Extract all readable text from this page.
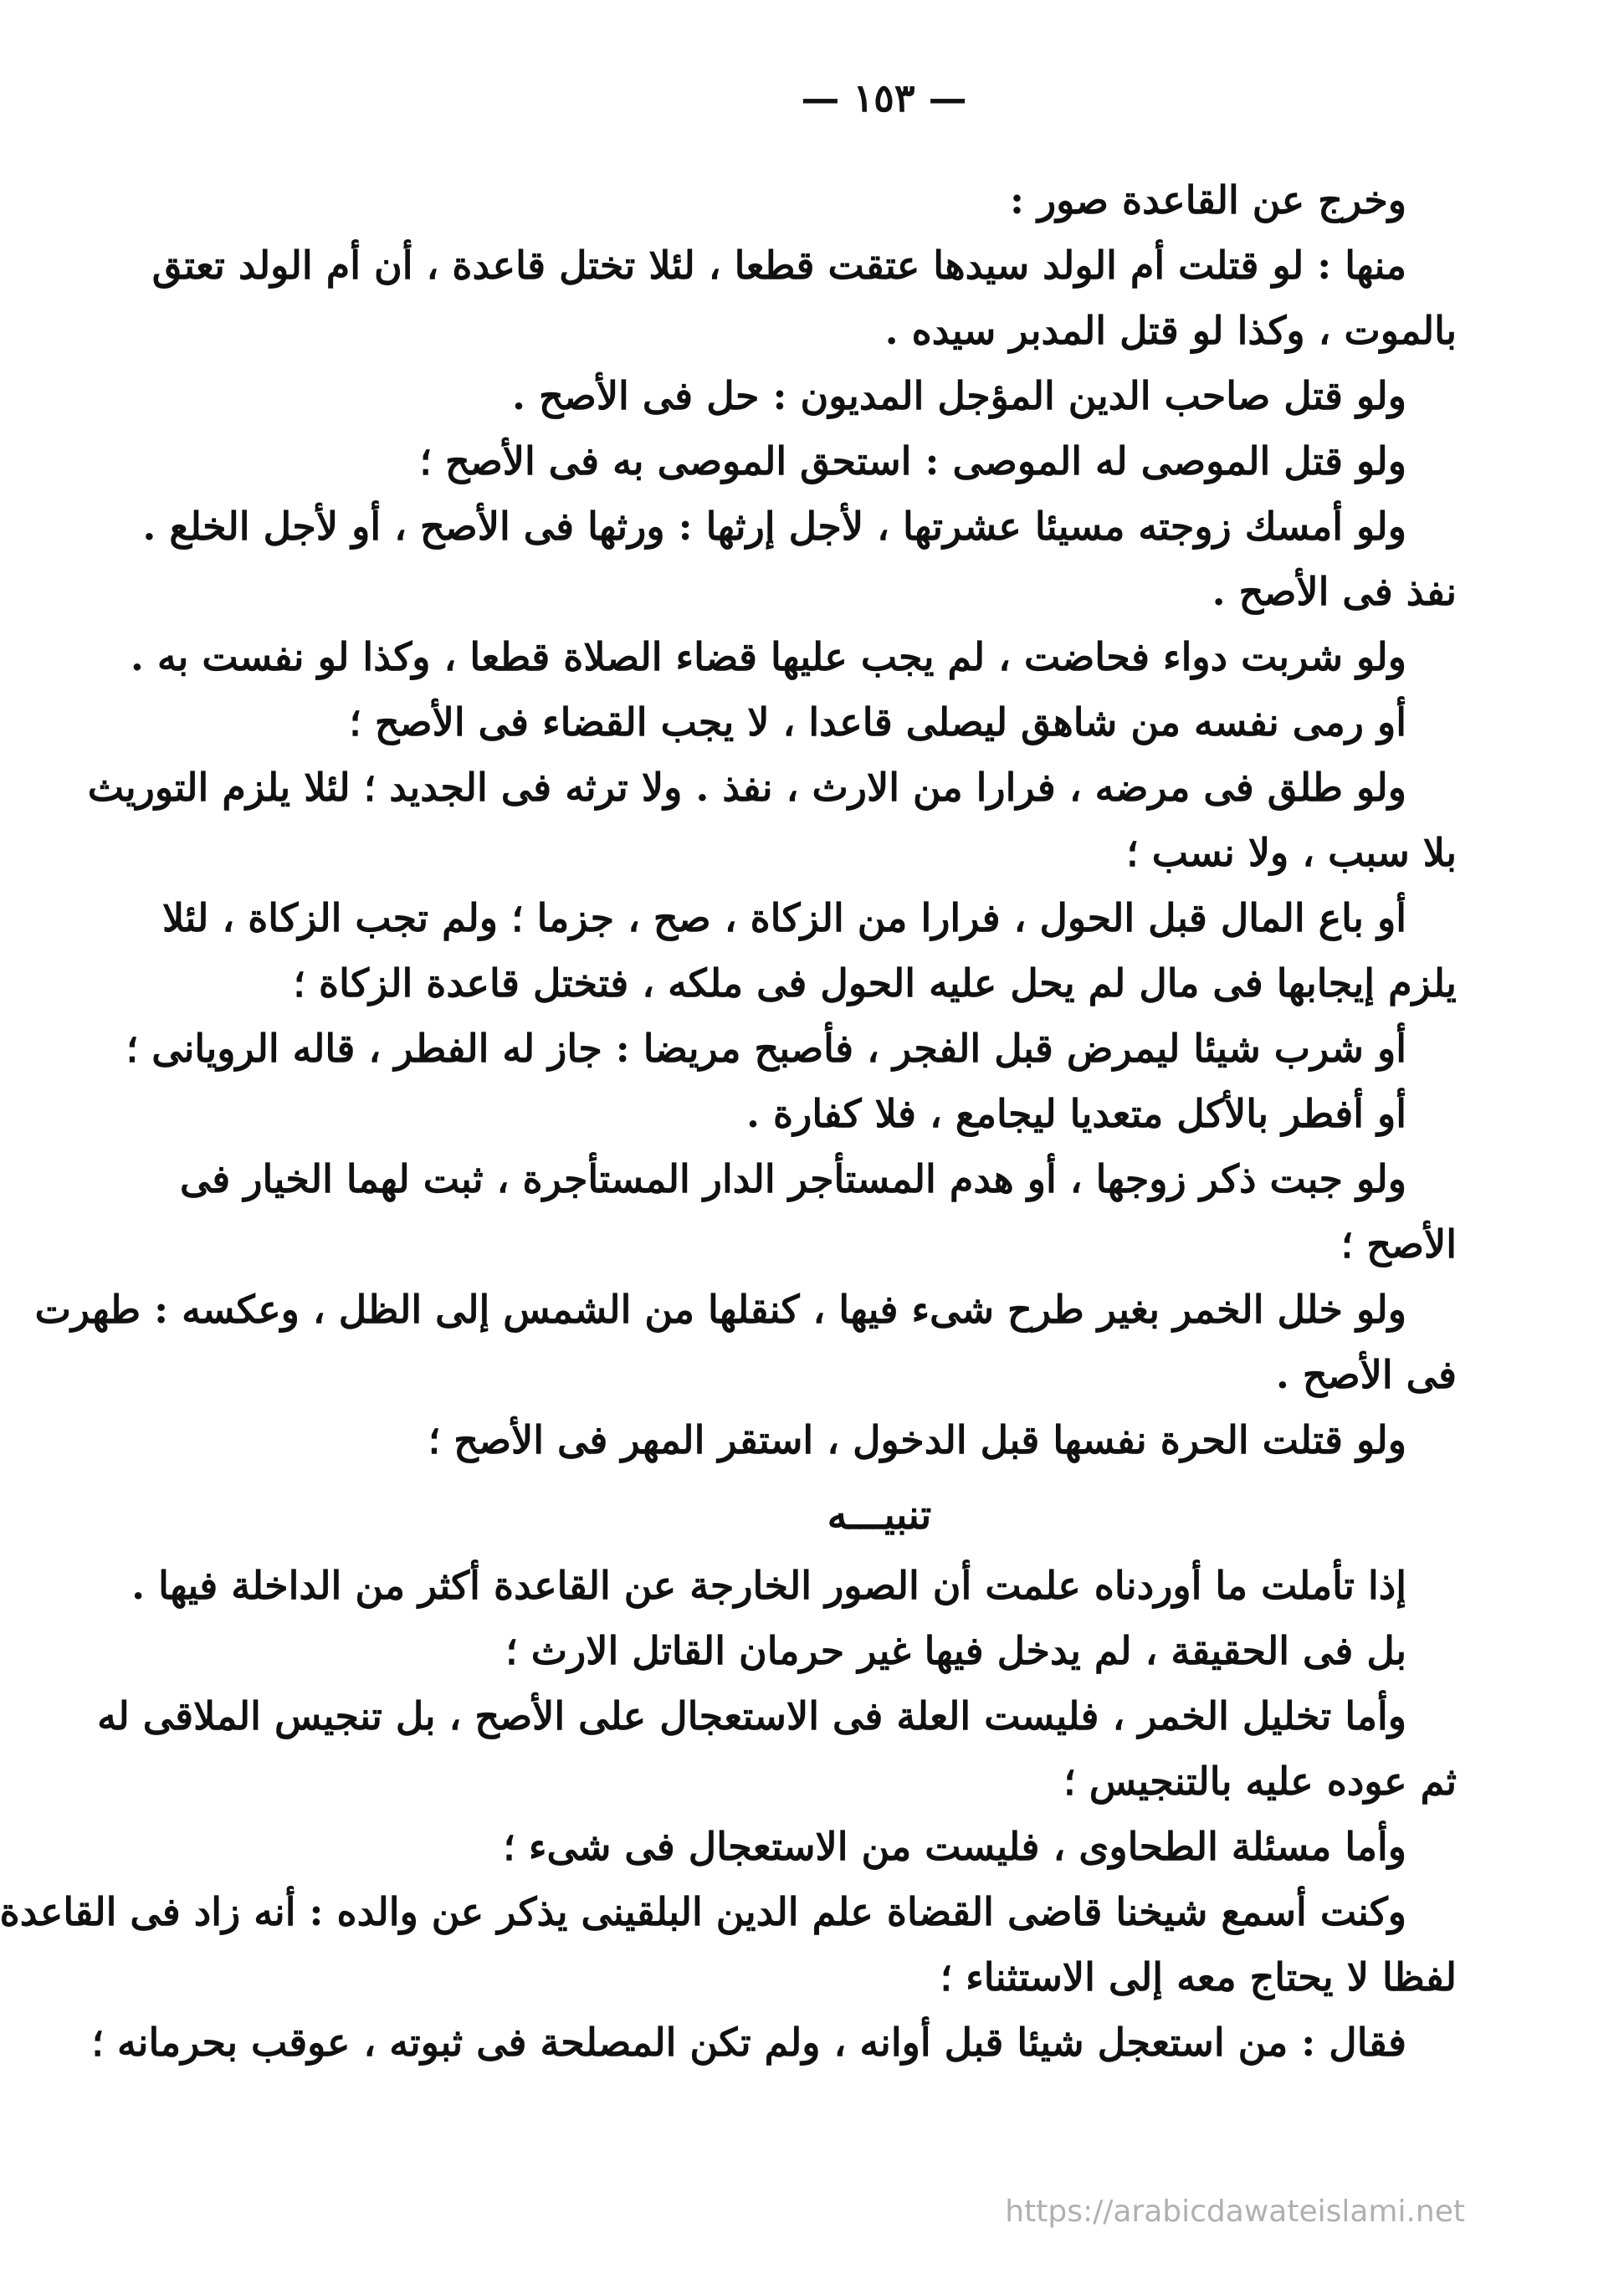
— ١٥٣ —
وخرج عن القاعدة صور :
منها : لو قتلت أم الولد سيدها عتقت قطعا ، لئلا تختل قاعدة ، أن أم الولد تعتق
بالموت ، وكذا لو قتل المدبر سيده .
ولو قتل صاحب الدين المؤجل المديون : حل فى الأصح .
ولو قتل الموصى له الموصى : استحق الموصى به فى الأصح ؛
ولو أمسك زوجته مسيئا عشرتها ، لأجل إرثها : ورثها فى الأصح ، أو لأجل الخلع .
نفذ فى الأصح .
ولو شربت دواء فحاضت ، لم يجب عليها قضاء الصلاة قطعا ، وكذا لو نفست به .
أو رمى نفسه من شاهق ليصلى قاعدا ، لا يجب القضاء فى الأصح ؛
ولو طلق فى مرضه ، فرارا من الارث ، نفذ . ولا ترثه فى الجديد ؛ لئلا يلزم التوريث
بلا سبب ، ولا نسب ؛
أو باع المال قبل الحول ، فرارا من الزكاة ، صح ، جزما ؛ ولم تجب الزكاة ، لئلا
يلزم إيجابها فى مال لم يحل عليه الحول فى ملكه ، فتختل قاعدة الزكاة ؛
أو شرب شيئا ليمرض قبل الفجر ، فأصبح مريضا : جاز له الفطر ، قاله الرويانى ؛
أو أفطر بالأكل متعديا ليجامع ، فلا كفارة .
ولو جبت ذكر زوجها ، أو هدم المستأجر الدار المستأجرة ، ثبت لهما الخيار فى
الأصح ؛
ولو خلل الخمر بغير طرح شىء فيها ، كنقلها من الشمس إلى الظل ، وعكسه : طهرت
فى الأصح .
ولو قتلت الحرة نفسها قبل الدخول ، استقر المهر فى الأصح ؛
تنبيـــه
إذا تأملت ما أوردناه علمت أن الصور الخارجة عن القاعدة أكثر من الداخلة فيها .
بل فى الحقيقة ، لم يدخل فيها غير حرمان القاتل الارث ؛
وأما تخليل الخمر ، فليست العلة فى الاستعجال على الأصح ، بل تنجيس الملاقى له
ثم عوده عليه بالتنجيس ؛
وأما مسئلة الطحاوى ، فليست من الاستعجال فى شىء ؛
وكنت أسمع شيخنا قاضى القضاة علم الدين البلقينى يذكر عن والده : أنه زاد فى القاعدة
لفظا لا يحتاج معه إلى الاستثناء ؛
فقال : من استعجل شيئا قبل أوانه ، ولم تكن المصلحة فى ثبوته ، عوقب بحرمانه ؛
https://arabicdawateislami.net
